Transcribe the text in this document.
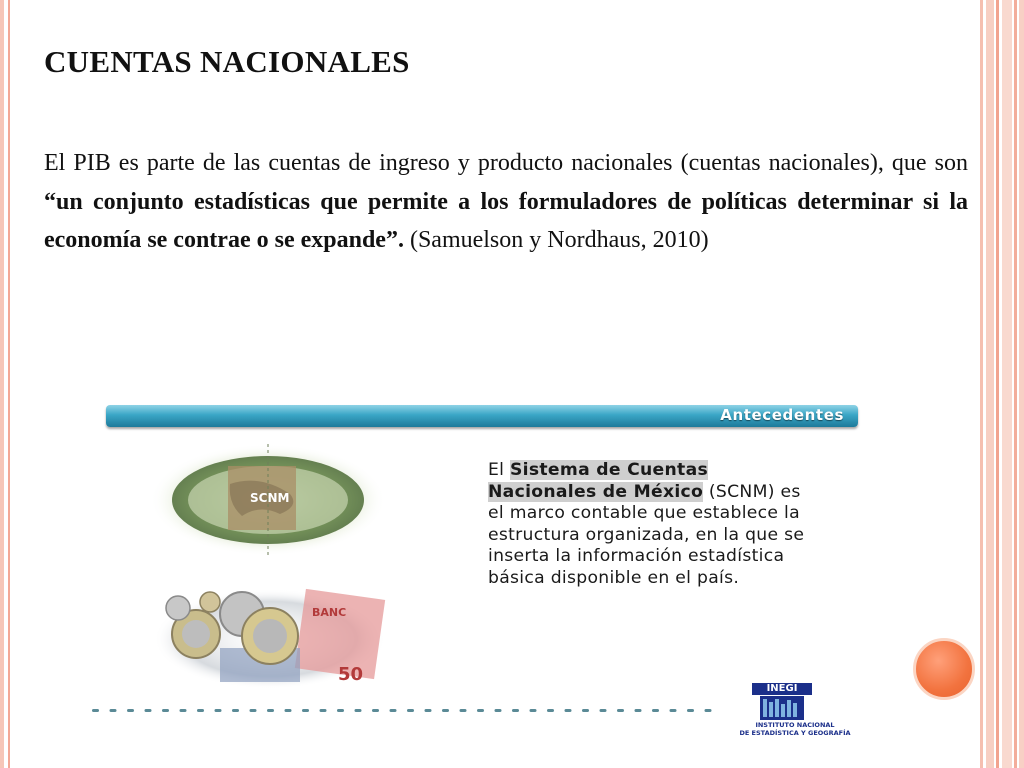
CUENTAS NACIONALES

El PIB es parte de las cuentas de ingreso y producto nacionales (cuentas nacionales), que son “un conjunto estadísticas que permite a los formuladores de políticas determinar si la economía se contrae o se expande”. (Samuelson y Nordhaus, 2010)

Antecedentes
SCNM
BANC
50
El Sistema de Cuentas Nacionales de México (SCNM) es el marco contable que establece la estructura organizada, en la que se inserta la información estadística básica disponible en el país.
INEGI
INSTITUTO NACIONAL
DE ESTADÍSTICA Y GEOGRAFÍA
